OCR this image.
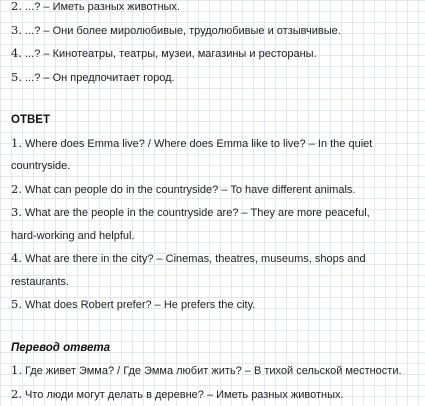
2. ...? – Иметь разных животных.
3. ...? – Они более миролюбивые, трудолюбивые и отзывчивые.
4. ...? – Кинотеатры, театры, музеи, магазины и рестораны.
5. ...? – Он предпочитает город.
ОТВЕТ
1. Where does Emma live? / Where does Emma like to live? – In the quiet
countryside.
2. What can people do in the countryside? – To have different animals.
3. What are the people in the countryside are? – They are more peaceful,
hard-working and helpful.
4. What are there in the city? – Cinemas, theatres, museums, shops and
restaurants.
5. What does Robert prefer? – He prefers the city.
Перевод ответа
1. Где живет Эмма? / Где Эмма любит жить? – В тихой сельской местности.
2. Что люди могут делать в деревне? – Иметь разных животных.
